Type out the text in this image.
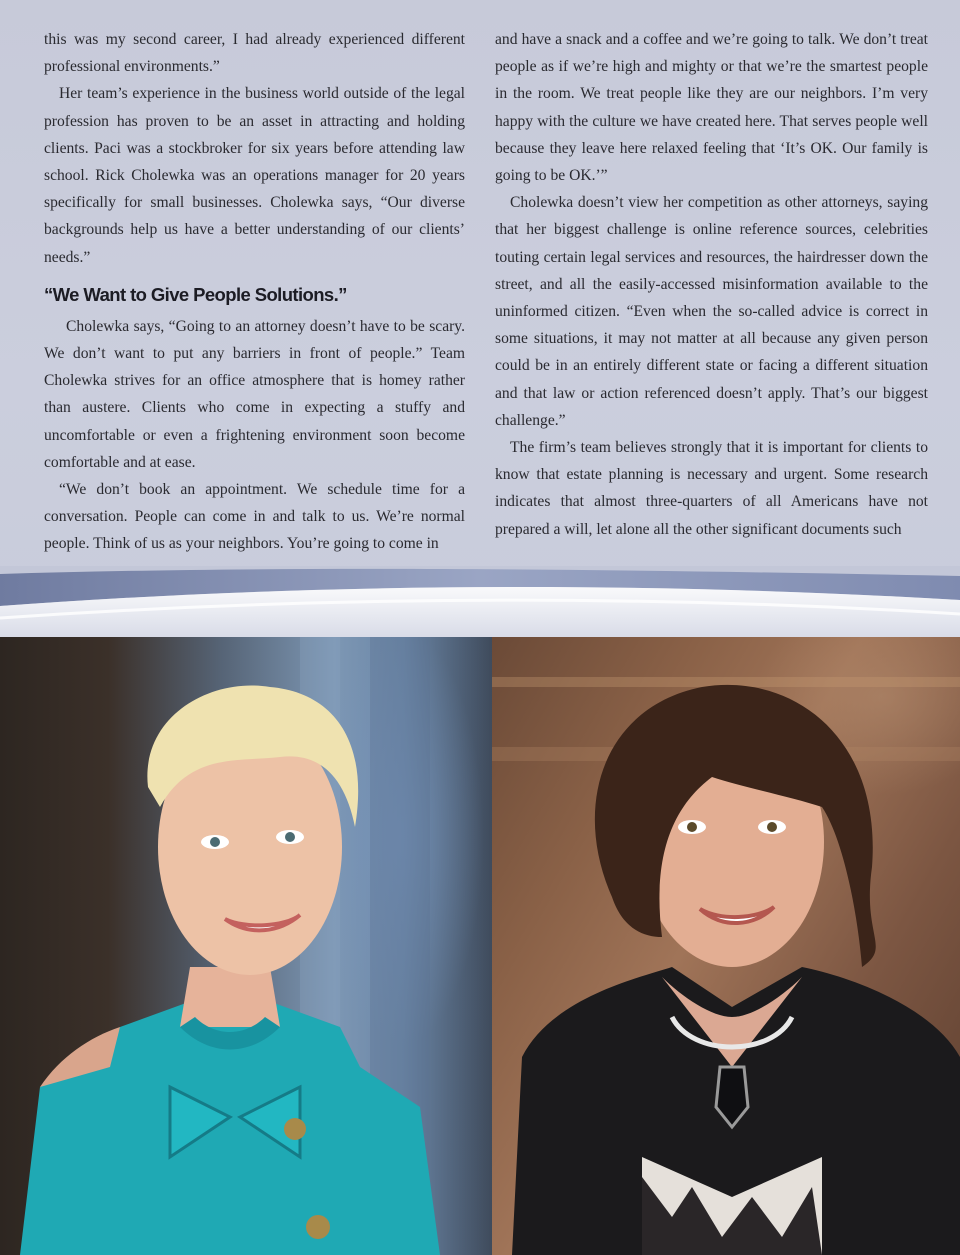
this was my second career, I had already experienced different professional environments.”

Her team’s experience in the business world outside of the legal profession has proven to be an asset in attracting and holding clients. Paci was a stockbroker for six years before attending law school. Rick Cholewka was an operations manager for 20 years specifically for small businesses. Cholewka says, “Our diverse backgrounds help us have a better understanding of our clients’ needs.”

“We Want to Give People Solutions.”

Cholewka says, “Going to an attorney doesn’t have to be scary. We don’t want to put any barriers in front of people.” Team Cholewka strives for an office atmosphere that is homey rather than austere. Clients who come in expecting a stuffy and uncomfortable or even a frightening environment soon become comfortable and at ease.

“We don’t book an appointment. We schedule time for a conversation. People can come in and talk to us. We’re normal people. Think of us as your neighbors. You’re going to come in

and have a snack and a coffee and we’re going to talk. We don’t treat people as if we’re high and mighty or that we’re the smartest people in the room. We treat people like they are our neighbors. I’m very happy with the culture we have created here. That serves people well because they leave here relaxed feeling that ‘It’s OK. Our family is going to be OK.’”

Cholewka doesn’t view her competition as other attorneys, saying that her biggest challenge is online reference sources, celebrities touting certain legal services and resources, the hairdresser down the street, and all the easily-accessed misinformation available to the uninformed citizen. “Even when the so-called advice is correct in some situations, it may not matter at all because any given person could be in an entirely different state or facing a different situation and that law or action referenced doesn’t apply. That’s our biggest challenge.”

The firm’s team believes strongly that it is important for clients to know that estate planning is necessary and urgent. Some research indicates that almost three-quarters of all Americans have not prepared a will, let alone all the other significant documents such
